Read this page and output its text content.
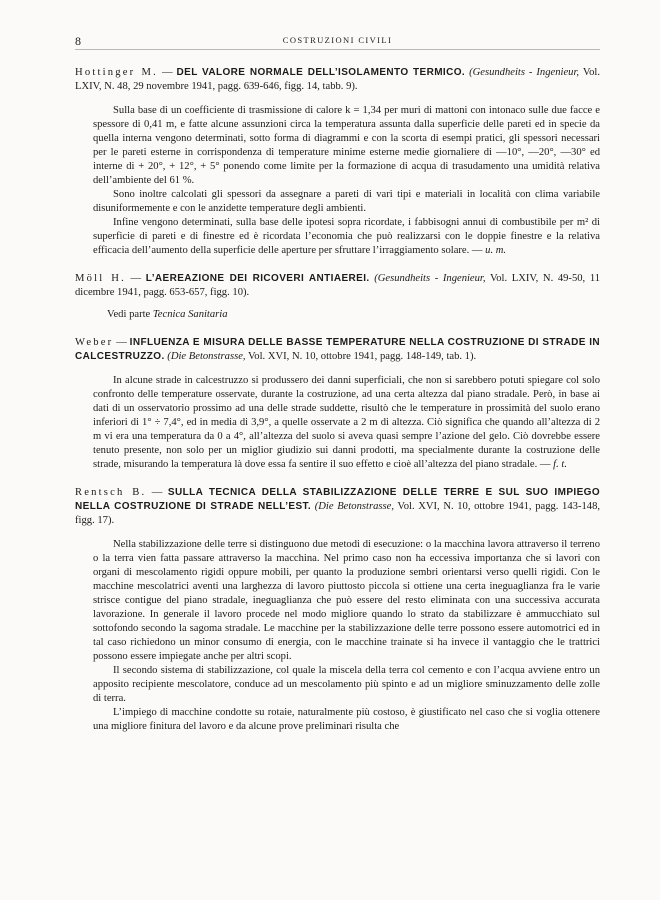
8	COSTRUZIONI CIVILI

Hottinger M. — DEL VALORE NORMALE DELL’ISOLAMENTO TERMICO. (Gesundheits - Ingenieur, Vol. LXIV, N. 48, 29 novembre 1941, pagg. 639-646, figg. 14, tabb. 9).

Sulla base di un coefficiente di trasmissione di calore k = 1,34 per muri di mattoni con intonaco sulle due facce e spessore di 0,41 m, e fatte alcune assunzioni circa la temperatura assunta dalla superficie delle pareti ed in specie da quella interna vengono determinati, sotto forma di diagrammi e con la scorta di esempi pratici, gli spessori necessari per le pareti esterne in corrispondenza di temperature minime esterne medie giornaliere di —10°, —20°, —30° ed interne di + 20°, + 12°, + 5° ponendo come limite per la formazione di acqua di trasudamento una umidità relativa dell’ambiente del 61 %.

Sono inoltre calcolati gli spessori da assegnare a pareti di vari tipi e materiali in località con clima variabile disuniformemente e con le anzidette temperature degli ambienti.

Infine vengono determinati, sulla base delle ipotesi sopra ricordate, i fabbisogni annui di combustibile per m² di superficie di pareti e di finestre ed è ricordata l’economia che può realizzarsi con le doppie finestre e la relativa efficacia dell’aumento della superficie delle aperture per sfruttare l’irraggiamento solare. — u. m.

Möll H. — L’AEREAZIONE DEI RICOVERI ANTIAEREI. (Gesundheits - Ingenieur, Vol. LXIV, N. 49-50, 11 dicembre 1941, pagg. 653-657, figg. 10).

Vedi parte Tecnica Sanitaria

Weber — INFLUENZA E MISURA DELLE BASSE TEMPERATURE NELLA COSTRUZIONE DI STRADE IN CALCESTRUZZO. (Die Betonstrasse, Vol. XVI, N. 10, ottobre 1941, pagg. 148-149, tab. 1).

In alcune strade in calcestruzzo si produssero dei danni superficiali, che non si sarebbero potuti spiegare col solo confronto delle temperature osservate, durante la costruzione, ad una certa altezza dal piano stradale. Però, in base ai dati di un osservatorio prossimo ad una delle strade suddette, risultò che le temperature in prossimità del suolo erano inferiori di 1° ÷ 7,4°, ed in media di 3,9°, a quelle osservate a 2 m di altezza. Ciò significa che quando all’altezza di 2 m vi era una temperatura da 0 a 4°, all’altezza del suolo si aveva quasi sempre l’azione del gelo. Ciò dovrebbe essere tenuto presente, non solo per un miglior giudizio sui danni prodotti, ma specialmente durante la costruzione delle strade, misurando la temperatura là dove essa fa sentire il suo effetto e cioè all’altezza del piano stradale. — f. t.

Rentsch B. — SULLA TECNICA DELLA STABILIZZAZIONE DELLE TERRE E SUL SUO IMPIEGO NELLA COSTRUZIONE DI STRADE NELL’EST. (Die Betonstrasse, Vol. XVI, N. 10, ottobre 1941, pagg. 143-148, figg. 17).

Nella stabilizzazione delle terre si distinguono due metodi di esecuzione: o la macchina lavora attraverso il terreno o la terra vien fatta passare attraverso la macchina. Nel primo caso non ha eccessiva importanza che si lavori con organi di mescolamento rigidi oppure mobili, per quanto la produzione sembri orientarsi verso quelli rigidi. Con le macchine mescolatrici aventi una larghezza di lavoro piuttosto piccola si ottiene una certa ineguaglianza fra le varie strisce contigue del piano stradale, ineguaglianza che può essere del resto eliminata con una successiva accurata lavorazione. In generale il lavoro procede nel modo migliore quando lo strato da stabilizzare è ammucchiato sul sottofondo secondo la sagoma stradale. Le macchine per la stabilizzazione delle terre possono essere automotrici ed in tal caso richiedono un minor consumo di energia, con le macchine trainate si ha invece il vantaggio che le trattrici possono essere impiegate anche per altri scopi.

Il secondo sistema di stabilizzazione, col quale la miscela della terra col cemento e con l’acqua avviene entro un apposito recipiente mescolatore, conduce ad un mescolamento più spinto e ad un migliore sminuzzamento delle zolle di terra.

L’impiego di macchine condotte su rotaie, naturalmente più costoso, è giustificato nel caso che si voglia ottenere una migliore finitura del lavoro e da alcune prove preliminari risulta che
